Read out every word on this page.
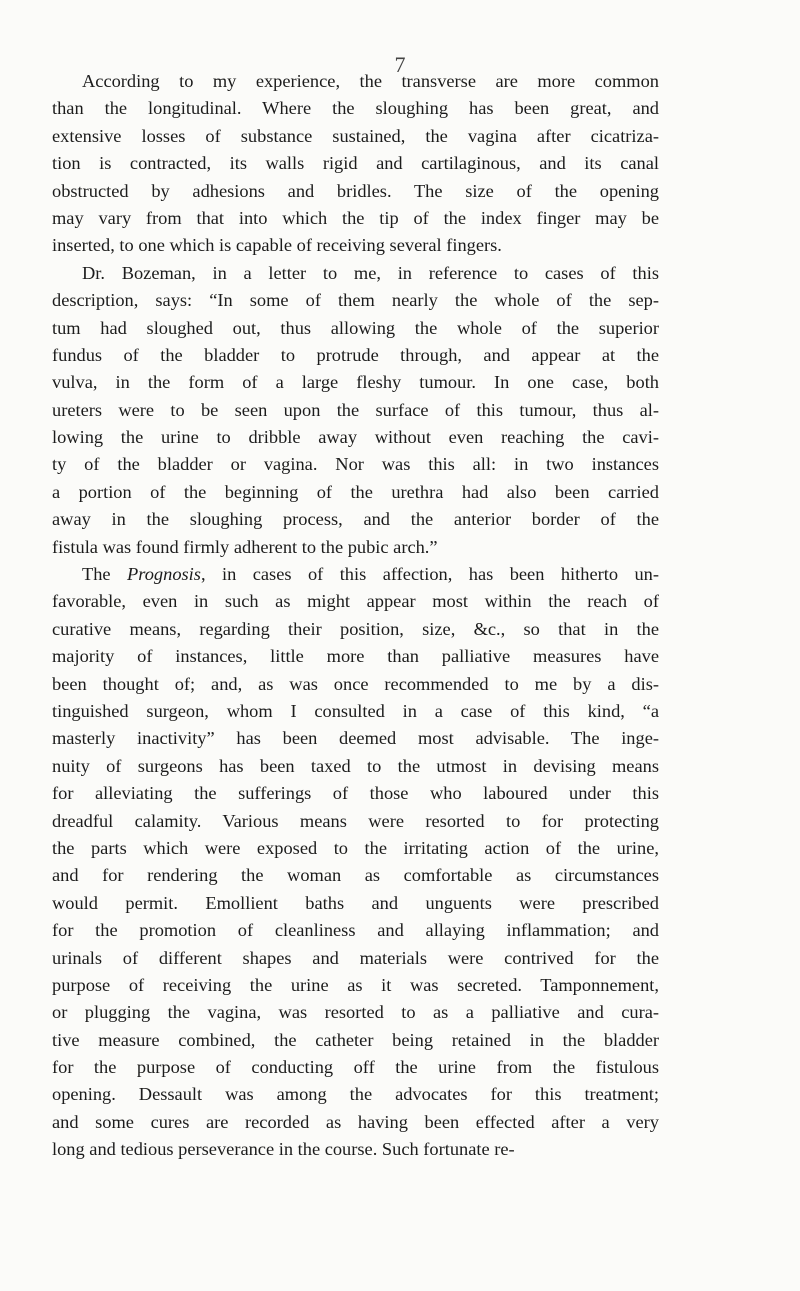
7
According to my experience, the transverse are more common
than the longitudinal. Where the sloughing has been great, and
extensive losses of substance sustained, the vagina after cicatriza-
tion is contracted, its walls rigid and cartilaginous, and its canal
obstructed by adhesions and bridles. The size of the opening
may vary from that into which the tip of the index finger may be
inserted, to one which is capable of receiving several fingers.
Dr. Bozeman, in a letter to me, in reference to cases of this
description, says: “In some of them nearly the whole of the sep-
tum had sloughed out, thus allowing the whole of the superior
fundus of the bladder to protrude through, and appear at the
vulva, in the form of a large fleshy tumour. In one case, both
ureters were to be seen upon the surface of this tumour, thus al-
lowing the urine to dribble away without even reaching the cavi-
ty of the bladder or vagina. Nor was this all: in two instances
a portion of the beginning of the urethra had also been carried
away in the sloughing process, and the anterior border of the
fistula was found firmly adherent to the pubic arch.”
The Prognosis, in cases of this affection, has been hitherto un-
favorable, even in such as might appear most within the reach of
curative means, regarding their position, size, &c., so that in the
majority of instances, little more than palliative measures have
been thought of; and, as was once recommended to me by a dis-
tinguished surgeon, whom I consulted in a case of this kind, “a
masterly inactivity” has been deemed most advisable. The inge-
nuity of surgeons has been taxed to the utmost in devising means
for alleviating the sufferings of those who laboured under this
dreadful calamity. Various means were resorted to for protecting
the parts which were exposed to the irritating action of the urine,
and for rendering the woman as comfortable as circumstances
would permit. Emollient baths and unguents were prescribed
for the promotion of cleanliness and allaying inflammation; and
urinals of different shapes and materials were contrived for the
purpose of receiving the urine as it was secreted. Tamponnement,
or plugging the vagina, was resorted to as a palliative and cura-
tive measure combined, the catheter being retained in the bladder
for the purpose of conducting off the urine from the fistulous
opening. Dessault was among the advocates for this treatment;
and some cures are recorded as having been effected after a very
long and tedious perseverance in the course. Such fortunate re-
